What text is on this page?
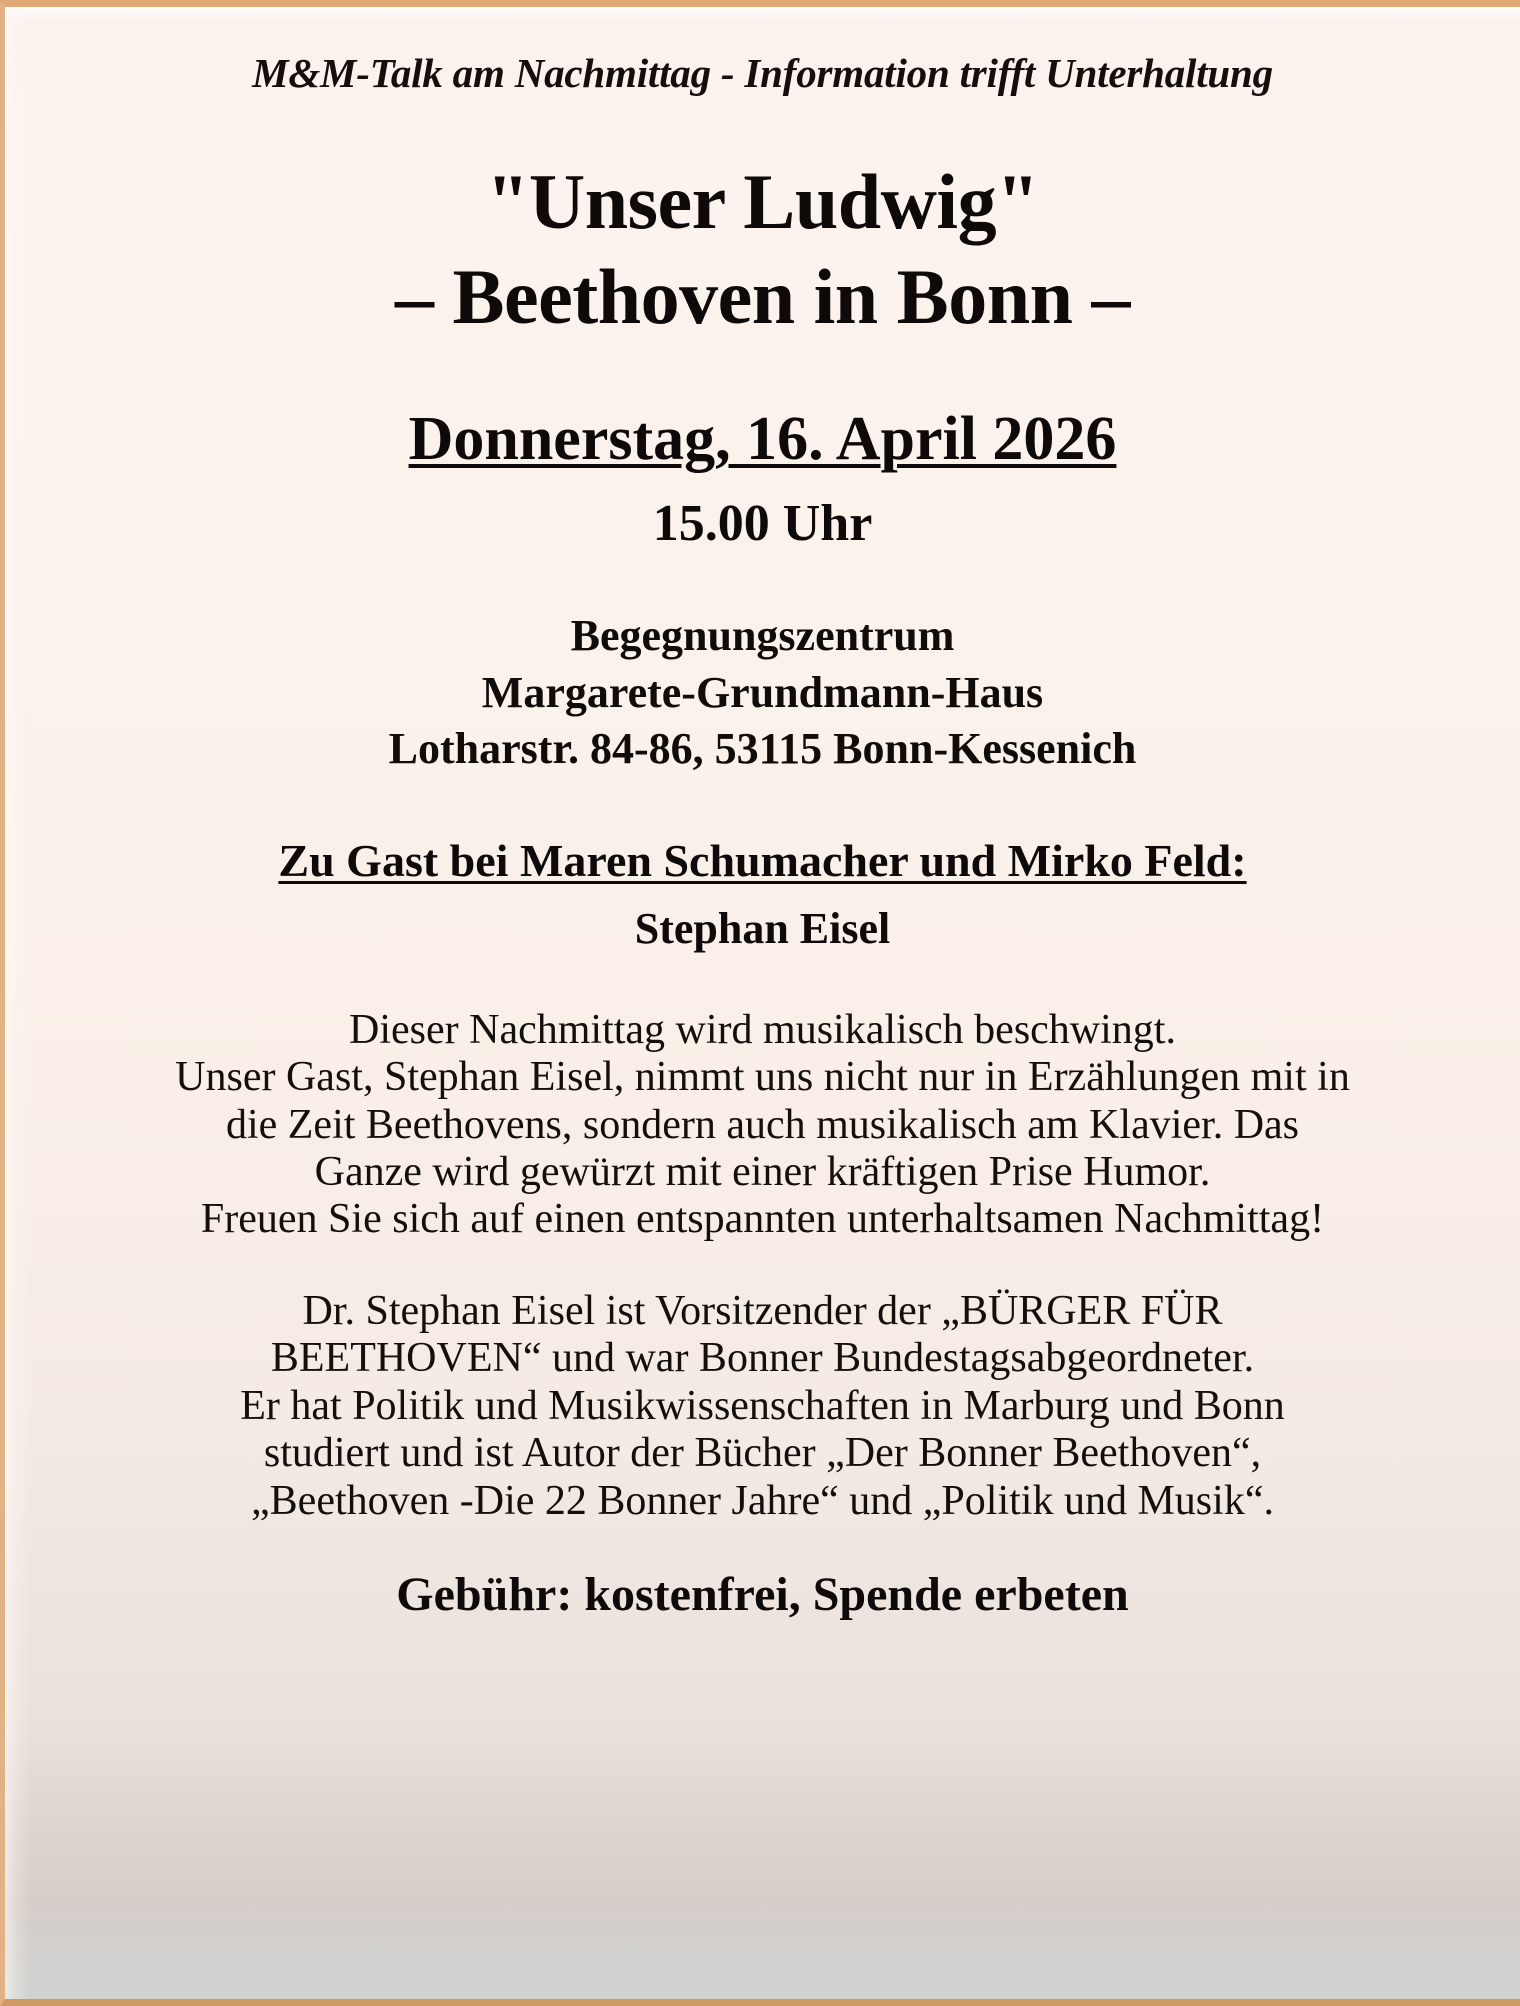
M&M-Talk am Nachmittag - Information trifft Unterhaltung
"Unser Ludwig"
– Beethoven in Bonn –
Donnerstag, 16. April 2026
15.00 Uhr
Begegnungszentrum
Margarete-Grundmann-Haus
Lotharstr. 84-86, 53115 Bonn-Kessenich
Zu Gast bei Maren Schumacher und Mirko Feld:
Stephan Eisel
Dieser Nachmittag wird musikalisch beschwingt.
Unser Gast, Stephan Eisel, nimmt uns nicht nur in Erzählungen mit in
die Zeit Beethovens, sondern auch musikalisch am Klavier. Das
Ganze wird gewürzt mit einer kräftigen Prise Humor.
Freuen Sie sich auf einen entspannten unterhaltsamen Nachmittag!
Dr. Stephan Eisel ist Vorsitzender der „BÜRGER FÜR
BEETHOVEN“ und war Bonner Bundestagsabgeordneter.
Er hat Politik und Musikwissenschaften in Marburg und Bonn
studiert und ist Autor der Bücher „Der Bonner Beethoven“,
„Beethoven -Die 22 Bonner Jahre“ und „Politik und Musik“.
Gebühr: kostenfrei, Spende erbeten
